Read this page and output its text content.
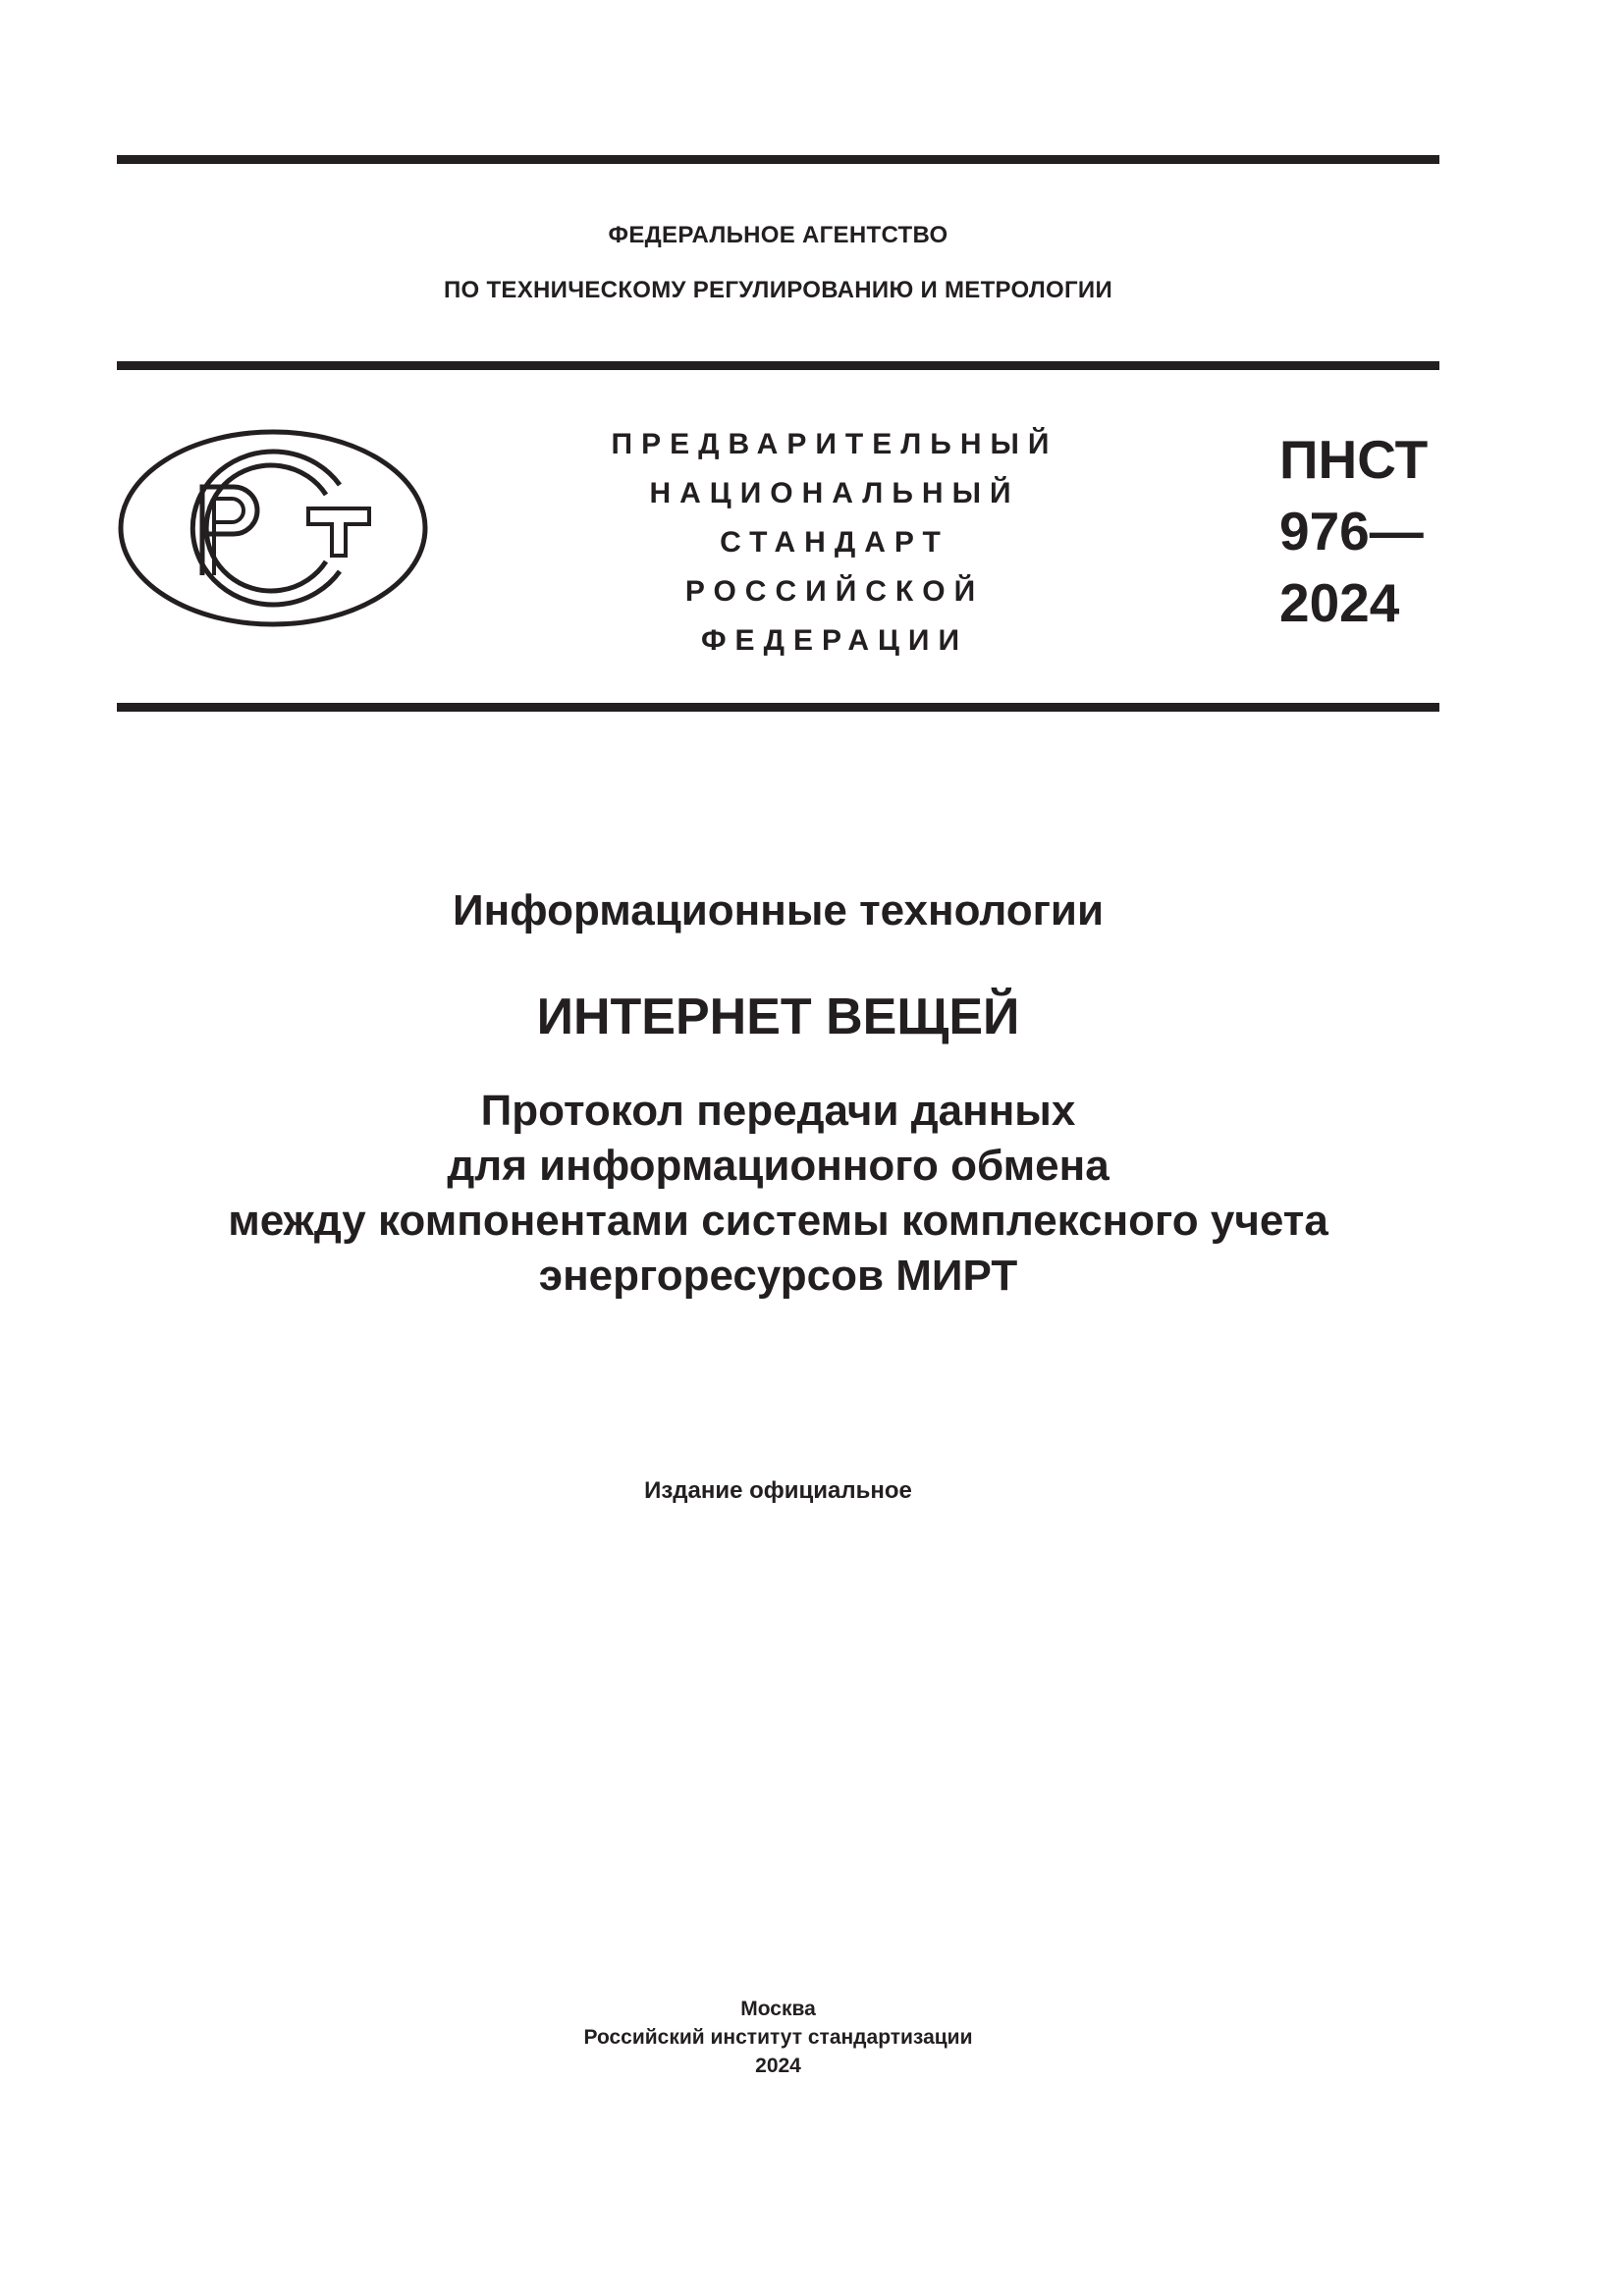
ФЕДЕРАЛЬНОЕ АГЕНТСТВО
ПО ТЕХНИЧЕСКОМУ РЕГУЛИРОВАНИЮ И МЕТРОЛОГИИ
ПРЕДВАРИТЕЛЬНЫЙ
НАЦИОНАЛЬНЫЙ
СТАНДАРТ
РОССИЙСКОЙ
ФЕДЕРАЦИИ
ПНСТ
976—
2024
Информационные технологии
ИНТЕРНЕТ ВЕЩЕЙ
Протокол передачи данных
для информационного обмена
между компонентами системы комплексного учета
энергоресурсов МИРТ
Издание официальное
Москва
Российский институт стандартизации
2024
